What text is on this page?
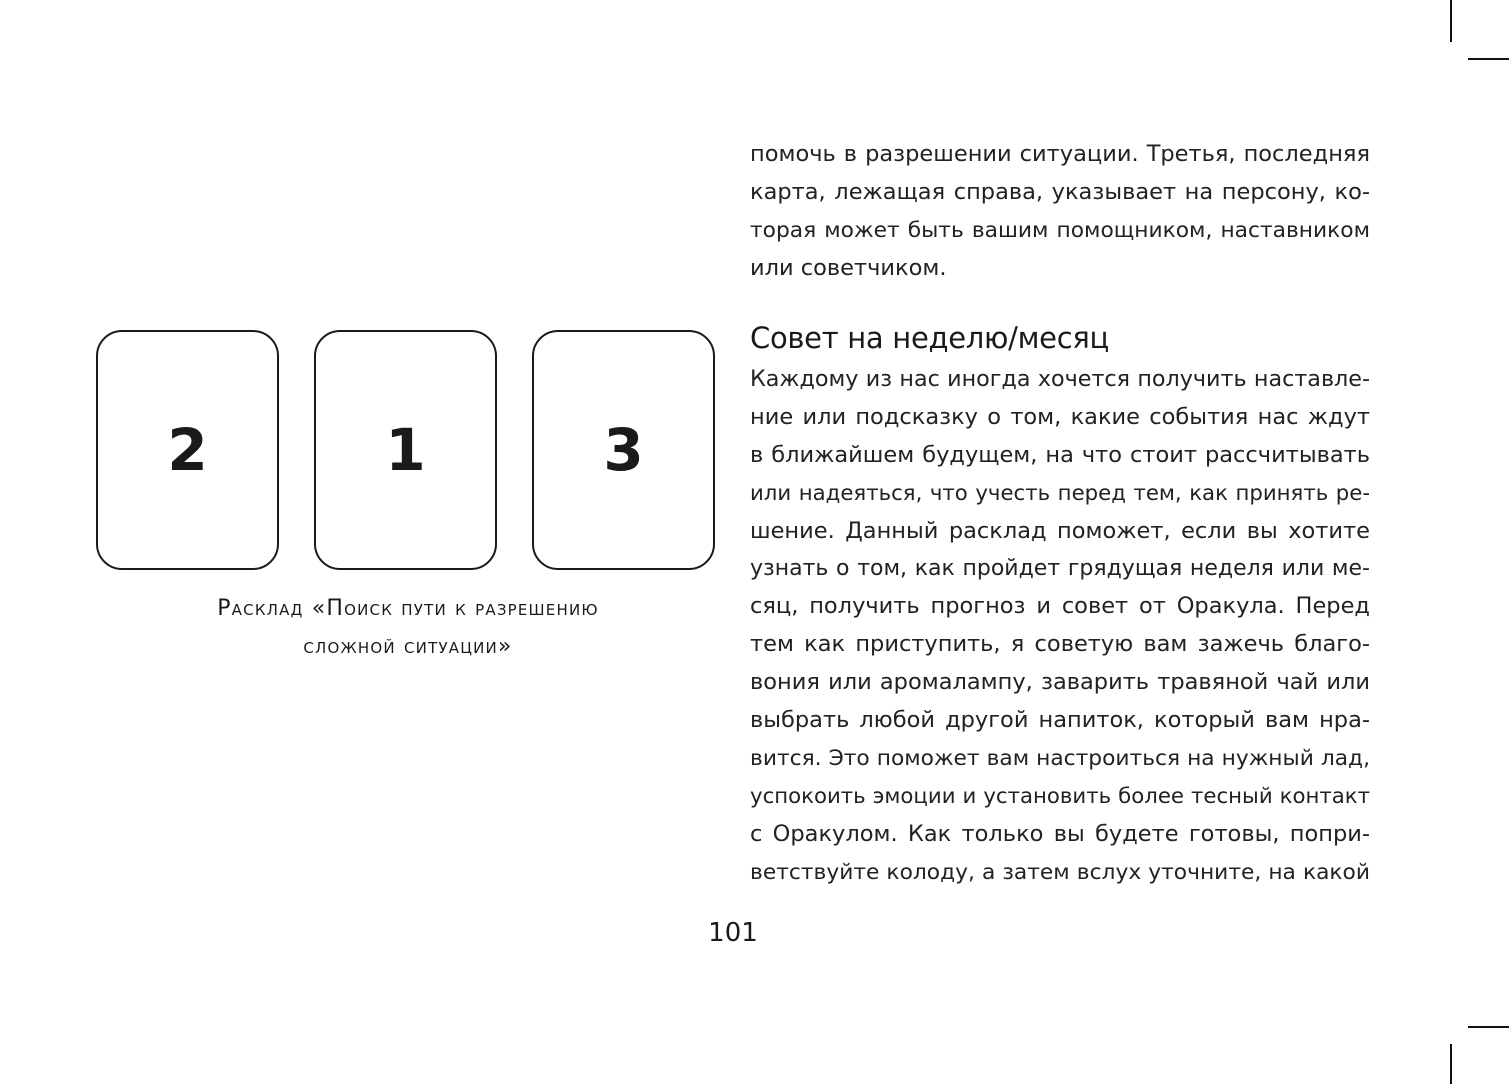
2	1	3
Расклад «Поиск пути к разрешению
сложной ситуации»

помочь в разрешении ситуации. Третья, последняя
карта, лежащая справа, указывает на персону, ко-
торая может быть вашим помощником, наставником
или советчиком.

Совет на неделю/месяц

Каждому из нас иногда хочется получить наставле-
ние или подсказку о том, какие события нас ждут
в ближайшем будущем, на что стоит рассчитывать
или надеяться, что учесть перед тем, как принять ре-
шение. Данный расклад поможет, если вы хотите
узнать о том, как пройдет грядущая неделя или ме-
сяц, получить прогноз и совет от Оракула. Перед
тем как приступить, я советую вам зажечь благо-
вония или аромалампу, заварить травяной чай или
выбрать любой другой напиток, который вам нра-
вится. Это поможет вам настроиться на нужный лад,
успокоить эмоции и установить более тесный контакт
с Оракулом. Как только вы будете готовы, попри-
ветствуйте колоду, а затем вслух уточните, на какой

101
